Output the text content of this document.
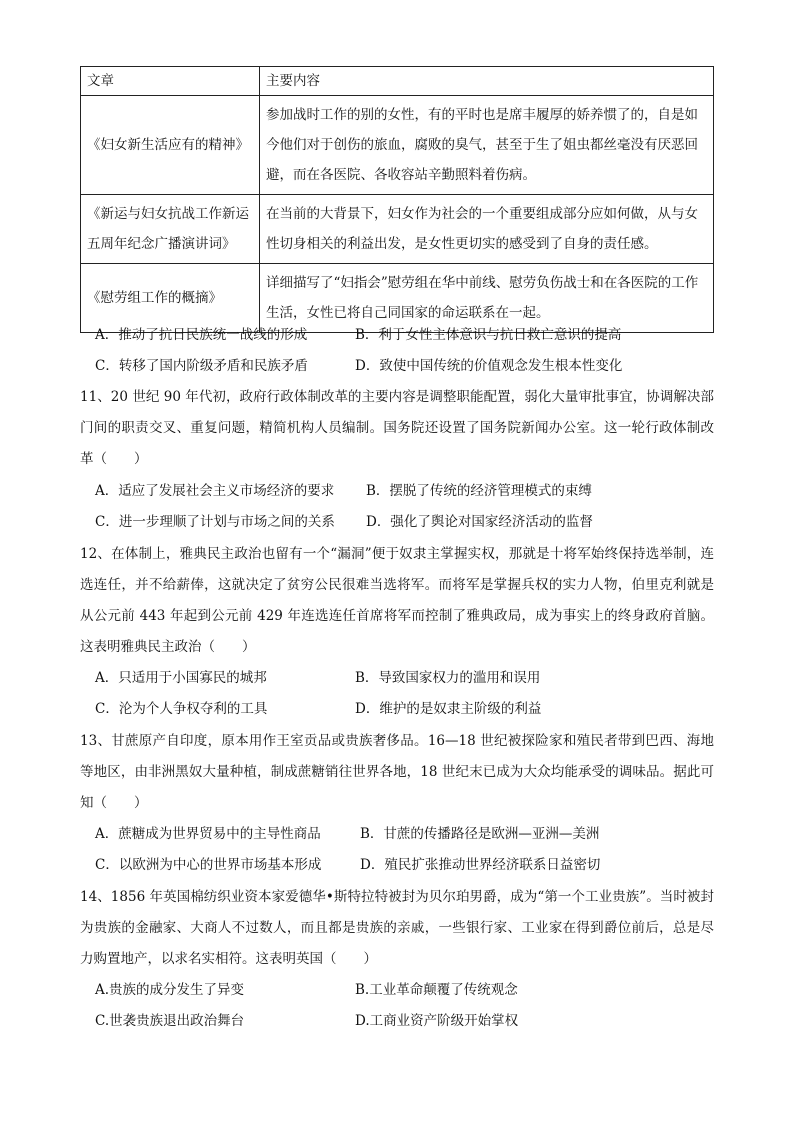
文章	主要内容
《妇女新生活应有的精神》	参加战时工作的别的女性，有的平时也是席丰履厚的娇养惯了的，自是如今他们对于创伤的旅血，腐败的臭气，甚至于生了姐虫都丝毫没有厌恶回避，而在各医院、各收容站辛勤照料着伤病。
《新运与妇女抗战工作新运五周年纪念广播演讲词》	在当前的大背景下，妇女作为社会的一个重要组成部分应如何做，从与女性切身相关的利益出发，是女性更切实的感受到了自身的责任感。
《慰劳组工作的概摘》	详细描写了“妇指会”慰劳组在华中前线、慰劳负伤战士和在各医院的工作生活，女性已将自己同国家的命运联系在一起。
A．推动了抗日民族统一战线的形成	B．利于女性主体意识与抗日救亡意识的提高
C．转移了国内阶级矛盾和民族矛盾	D．致使中国传统的价值观念发生根本性变化
11、20 世纪 90 年代初，政府行政体制改革的主要内容是调整职能配置，弱化大量审批事宜，协调解决部门间的职责交叉、重复问题，精简机构人员编制。国务院还设置了国务院新闻办公室。这一轮行政体制改革（　　）
A．适应了发展社会主义市场经济的要求 B．摆脱了传统的经济管理模式的束缚
C．进一步理顺了计划与市场之间的关系 D．强化了舆论对国家经济活动的监督
12、在体制上，雅典民主政治也留有一个“漏洞”便于奴隶主掌握实权，那就是十将军始终保持选举制，连选连任，并不给薪俸，这就决定了贫穷公民很难当选将军。而将军是掌握兵权的实力人物，伯里克利就是从公元前 443 年起到公元前 429 年连选连任首席将军而控制了雅典政局，成为事实上的终身政府首脑。这表明雅典民主政治（　　）
A．只适用于小国寡民的城邦	B．导致国家权力的滥用和误用
C．沦为个人争权夺利的工具	D．维护的是奴隶主阶级的利益
13、甘蔗原产自印度，原本用作王室贡品或贵族奢侈品。16—18 世纪被探险家和殖民者带到巴西、海地等地区，由非洲黑奴大量种植，制成蔗糖销往世界各地，18 世纪末已成为大众均能承受的调味品。据此可知（　　）
A．蔗糖成为世界贸易中的主导性商品	B．甘蔗的传播路径是欧洲—亚洲—美洲
C．以欧洲为中心的世界市场基本形成	D．殖民扩张推动世界经济联系日益密切
14、1856 年英国棉纺织业资本家爱德华•斯特拉特被封为贝尔珀男爵，成为“第一个工业贵族”。当时被封为贵族的金融家、大商人不过数人，而且都是贵族的亲戚，一些银行家、工业家在得到爵位前后，总是尽力购置地产，以求名实相符。这表明英国（　　）
A.贵族的成分发生了异变	B.工业革命颠覆了传统观念
C.世袭贵族退出政治舞台	D.工商业资产阶级开始掌权
